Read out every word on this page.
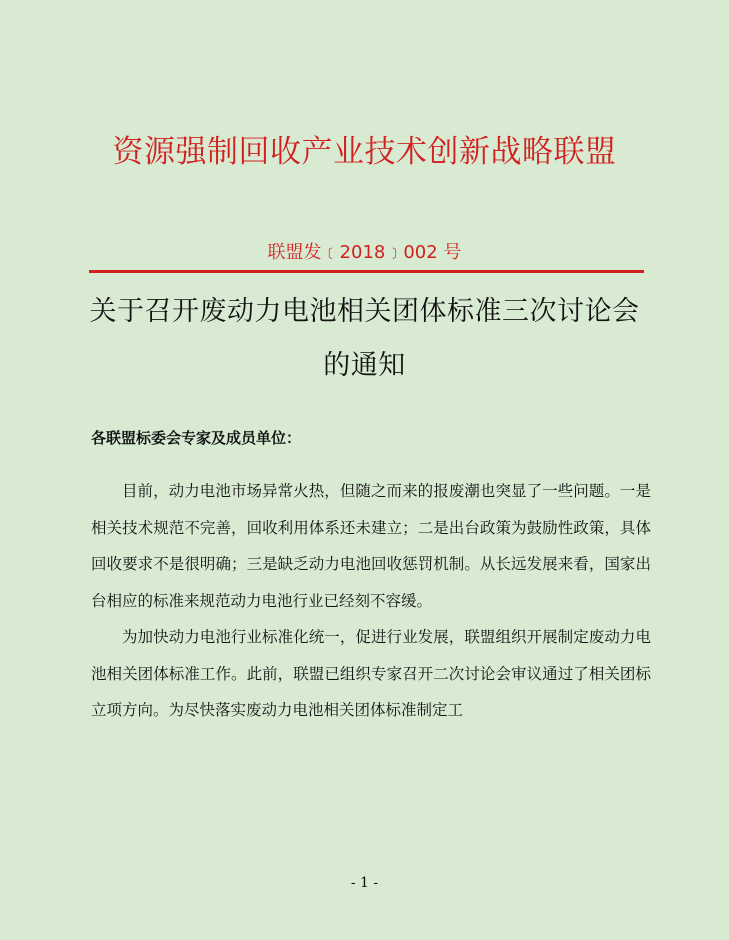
资源强制回收产业技术创新战略联盟
联盟发﹝2018﹞002 号
关于召开废动力电池相关团体标准三次讨论会
的通知
各联盟标委会专家及成员单位：

目前，动力电池市场异常火热，但随之而来的报废潮也突显了一些问题。一是相关技术规范不完善，回收利用体系还未建立；二是出台政策为鼓励性政策，具体回收要求不是很明确；三是缺乏动力电池回收惩罚机制。从长远发展来看，国家出台相应的标准来规范动力电池行业已经刻不容缓。

为加快动力电池行业标准化统一，促进行业发展，联盟组织开展制定废动力电池相关团体标准工作。此前，联盟已组织专家召开二次讨论会审议通过了相关团标立项方向。为尽快落实废动力电池相关团体标准制定工

- 1 -
